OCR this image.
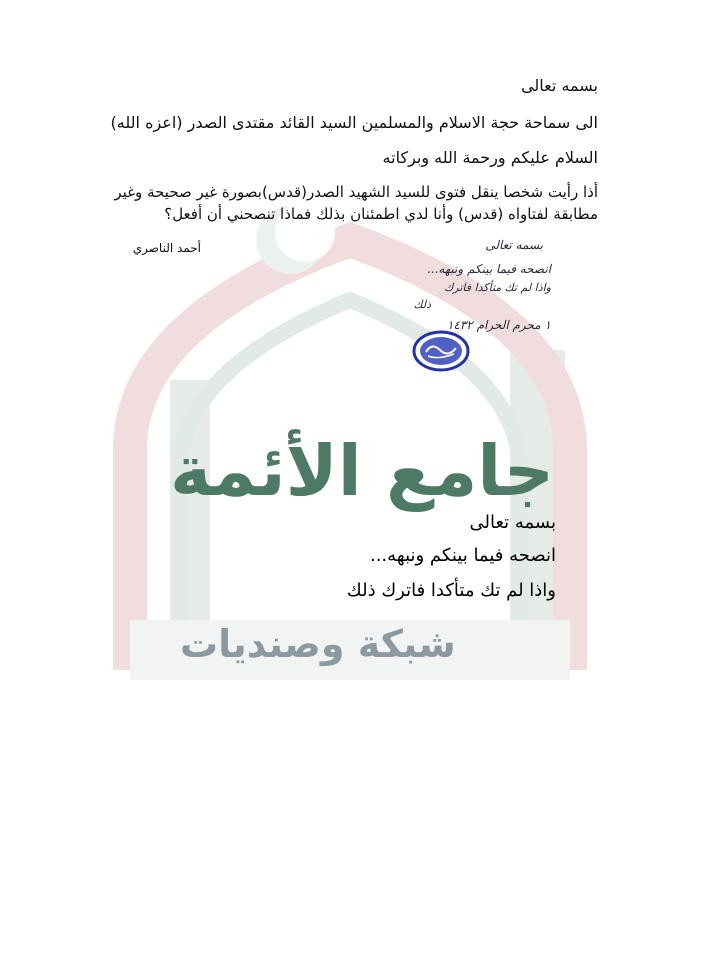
جامع الأئمة
شبكة وصنديات
بسمه تعالى
الى سماحة حجة الاسلام والمسلمين السيد القائد مقتدى الصدر (اعزه الله)
السلام عليكم ورحمة الله وبركاته
أذا رأيت شخصا ينقل فتوى للسيد الشهيد الصدر(قدس)بصورة غير صحيحة وغير
مطابقة لفتاواه (قدس) وأنا لدي اطمئنان بذلك فماذا تنصحني أن أفعل؟
أحمد الناصري	بسمه تعالى
انصحه فيما بينكم ونبهه...
واذا لم تك متأكدا فاترك
ذلك
١ محرم الحرام ١٤٣٢
بسمه تعالى
انصحه فيما بينكم ونبهه...
واذا لم تك متأكدا فاترك ذلك
